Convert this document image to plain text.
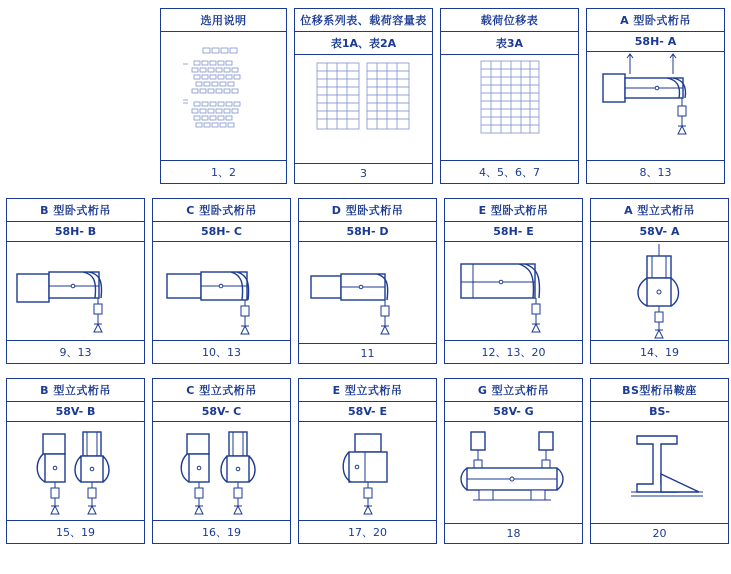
选用说明
1、2
位移系列表、载荷容量表
表1A、表2A
3
载荷位移表
表3A
4、5、6、7
A 型卧式桁吊
58H- A
8、13
B 型卧式桁吊
58H- B
9、13
C 型卧式桁吊
58H- C
10、13
D 型卧式桁吊
58H- D
11
E 型卧式桁吊
58H- E
12、13、20
A 型立式桁吊
58V- A
14、19
B 型立式桁吊
58V- B
15、19
C 型立式桁吊
58V- C
16、19
E 型立式桁吊
58V- E
17、20
G 型立式桁吊
58V- G
18
BS型桁吊鞍座
BS-
20
